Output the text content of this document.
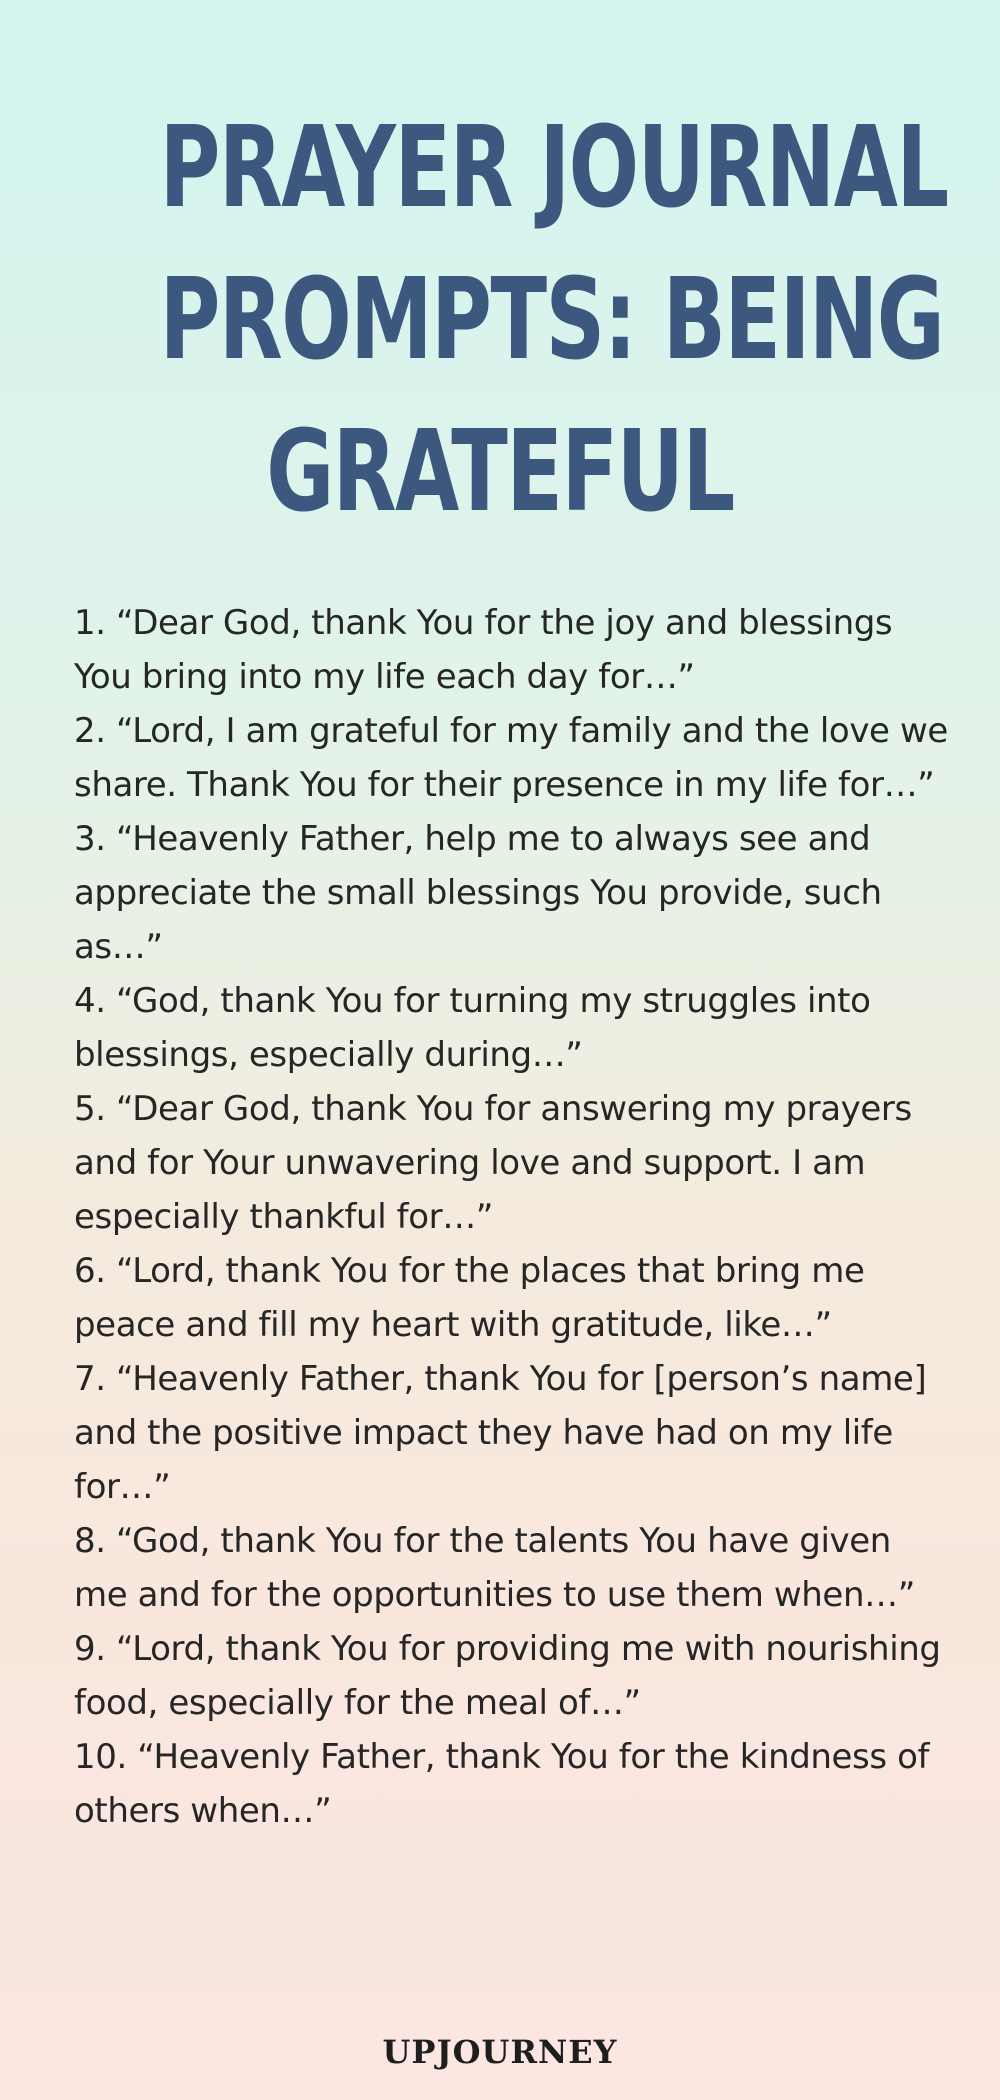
PRAYER JOURNAL
PROMPTS: BEING
GRATEFUL
1. “Dear God, thank You for the joy and blessings You bring into my life each day for…”
2. “Lord, I am grateful for my family and the love we share. Thank You for their presence in my life for…”
3. “Heavenly Father, help me to always see and appreciate the small blessings You provide, such as…”
4. “God, thank You for turning my struggles into blessings, especially during…”
5. “Dear God, thank You for answering my prayers and for Your unwavering love and support. I am especially thankful for…”
6. “Lord, thank You for the places that bring me peace and fill my heart with gratitude, like…”
7. “Heavenly Father, thank You for [person’s name] and the positive impact they have had on my life for…”
8. “God, thank You for the talents You have given me and for the opportunities to use them when…”
9. “Lord, thank You for providing me with nourishing food, especially for the meal of…”
10. “Heavenly Father, thank You for the kindness of others when…”
UPJOURNEY
